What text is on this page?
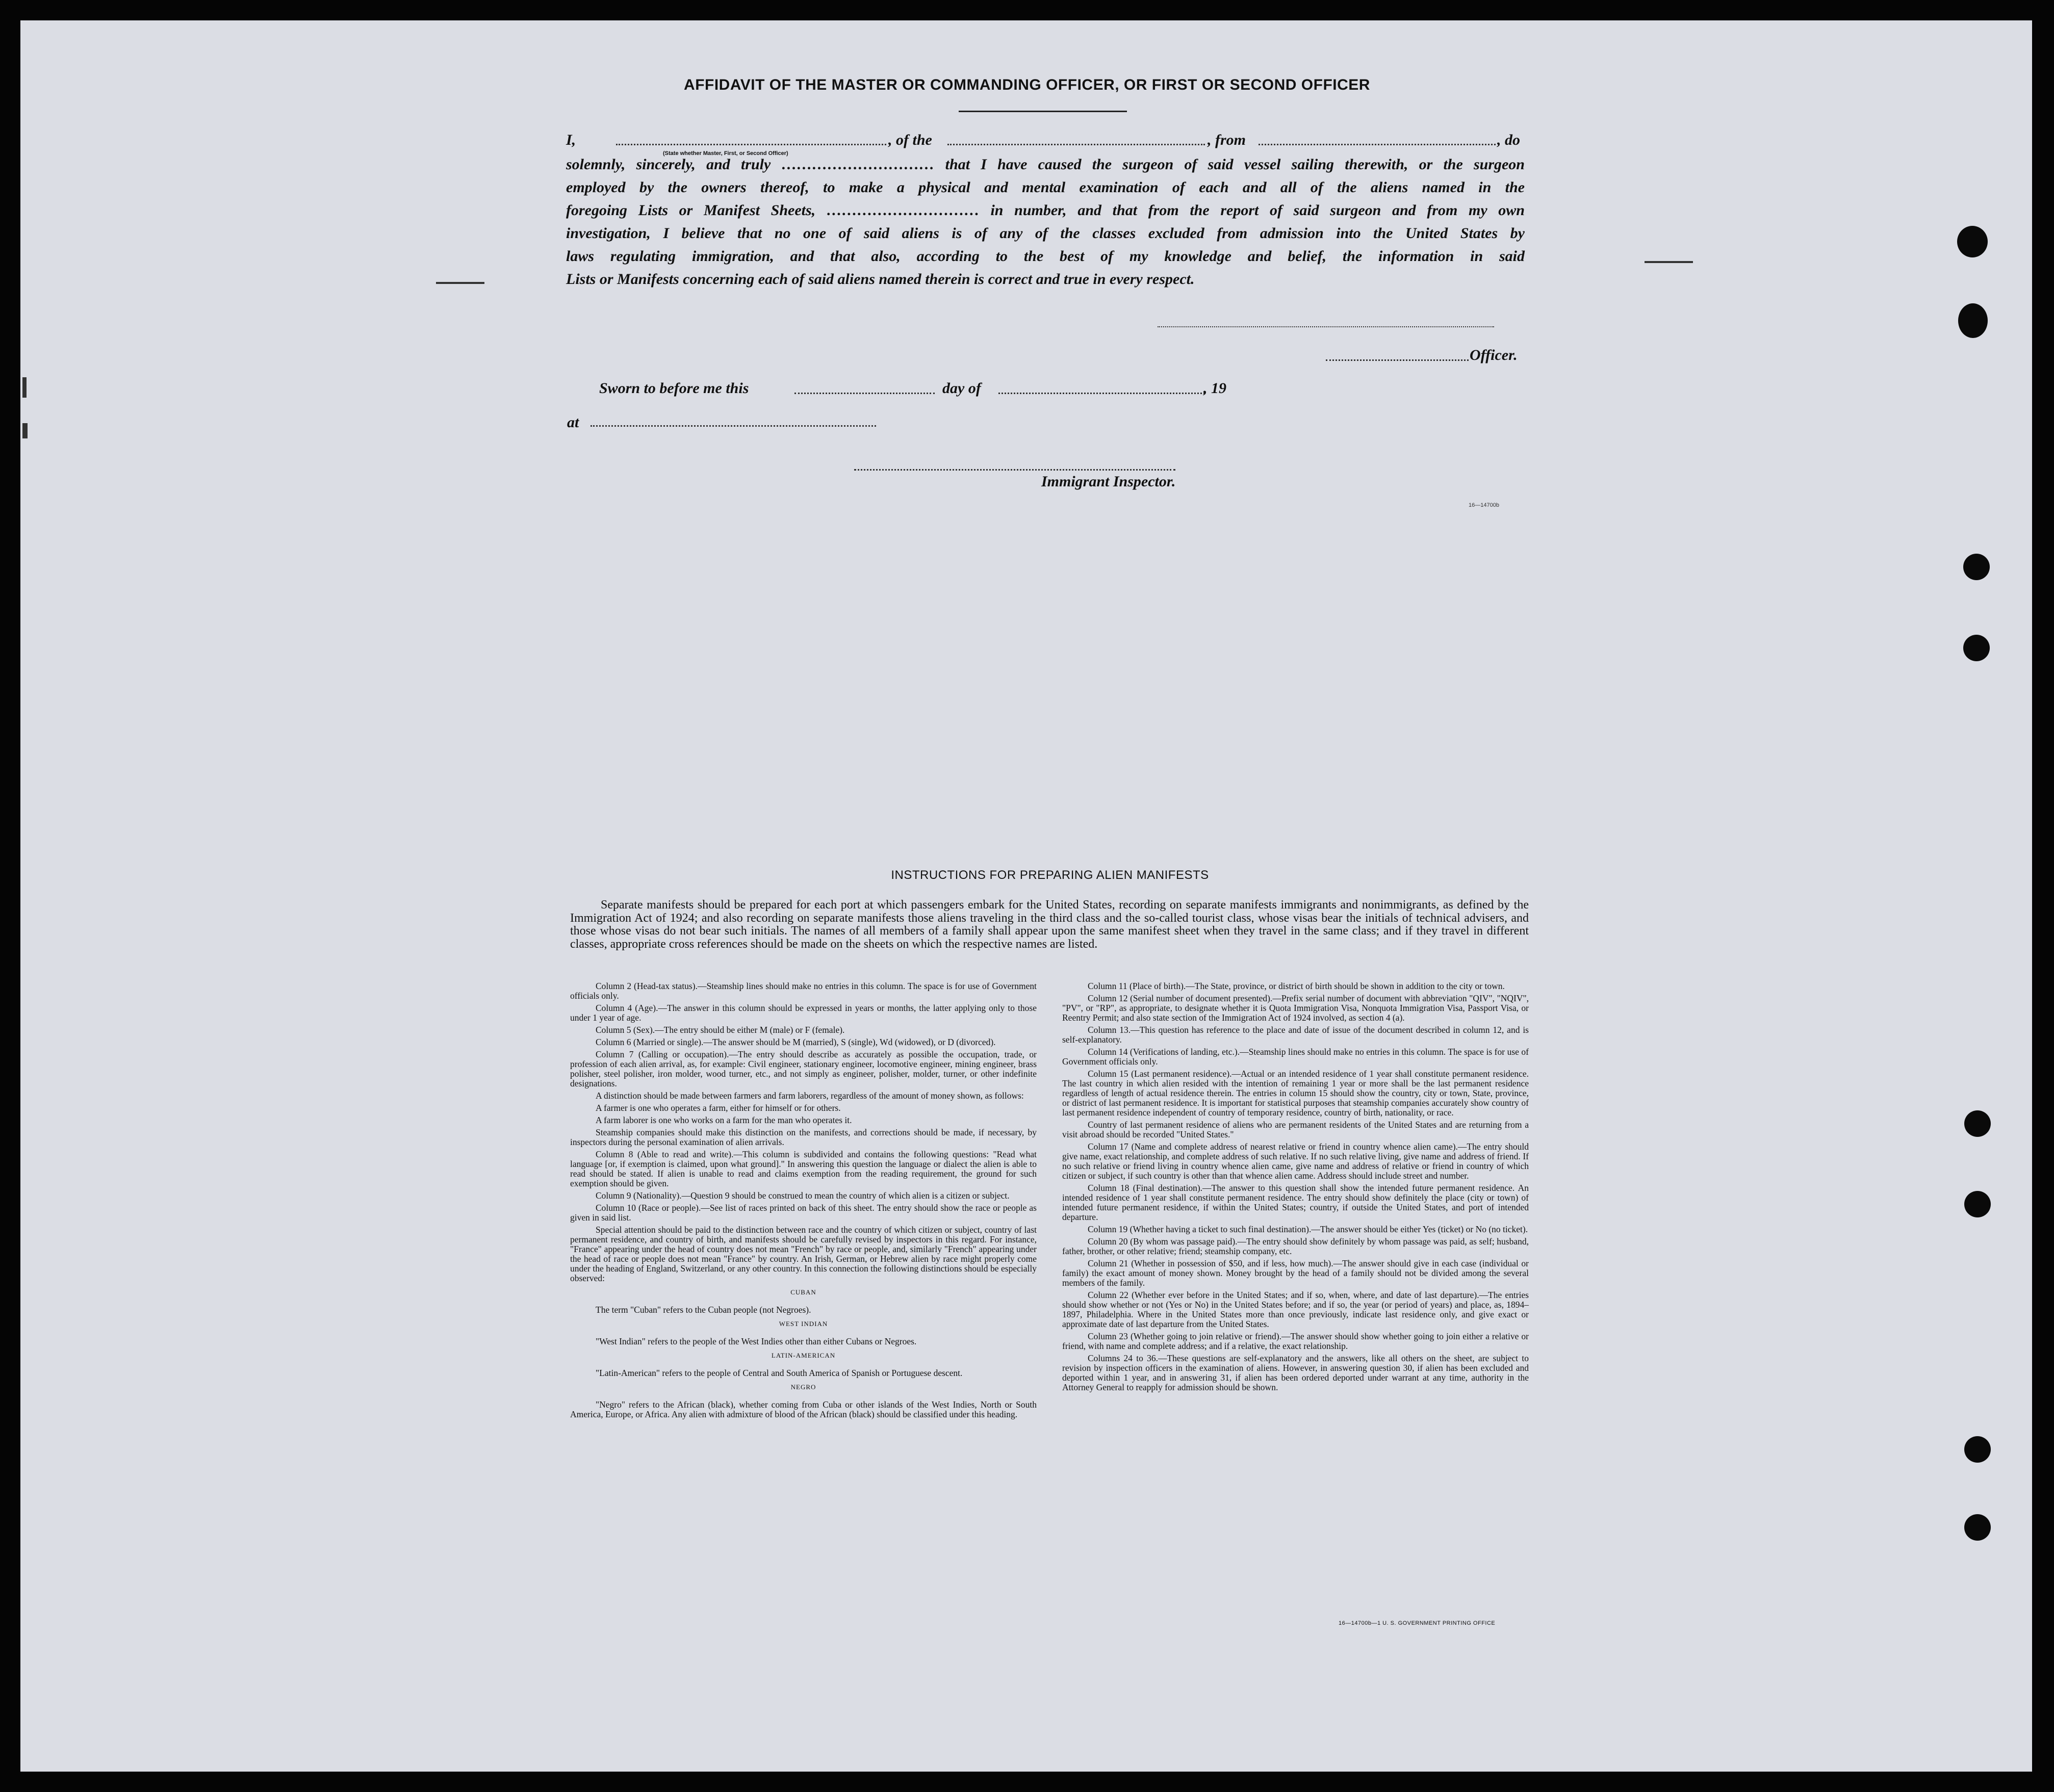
AFFIDAVIT OF THE MASTER OR COMMANDING OFFICER, OR FIRST OR SECOND OFFICER
I,	, of the	, from	, do
(State whether Master, First, or Second Officer)
solemnly, sincerely, and truly ………………………… that I have caused the surgeon of said vessel sailing therewith, or the surgeon
employed by the owners thereof, to make a physical and mental examination of each and all of the aliens named in the
foregoing Lists or Manifest Sheets, ………………………… in number, and that from the report of said surgeon and from my own
investigation, I believe that no one of said aliens is of any of the classes excluded from admission into the United States by
laws regulating immigration, and that also, according to the best of my knowledge and belief, the information in said
Lists or Manifests concerning each of said aliens named therein is correct and true in every respect.
Officer.
Sworn to before me this	day of	, 19
at
Immigrant Inspector.
16—14700b
INSTRUCTIONS FOR PREPARING ALIEN MANIFESTS
Separate manifests should be prepared for each port at which passengers embark for the United States, recording on separate manifests immigrants and nonimmigrants, as defined by the Immigration Act of 1924; and also recording on separate manifests those aliens traveling in the third class and the so-called tourist class, whose visas bear the initials of technical advisers, and those whose visas do not bear such initials. The names of all members of a family shall appear upon the same manifest sheet when they travel in the same class; and if they travel in different classes, appropriate cross references should be made on the sheets on which the respective names are listed.

Column 2 (Head-tax status).—Steamship lines should make no entries in this column. The space is for use of Government officials only.

Column 4 (Age).—The answer in this column should be expressed in years or months, the latter applying only to those under 1 year of age.

Column 5 (Sex).—The entry should be either M (male) or F (female).

Column 6 (Married or single).—The answer should be M (married), S (single), Wd (widowed), or D (divorced).

Column 7 (Calling or occupation).—The entry should describe as accurately as possible the occupation, trade, or profession of each alien arrival, as, for example: Civil engineer, stationary engineer, locomotive engineer, mining engineer, brass polisher, steel polisher, iron molder, wood turner, etc., and not simply as engineer, polisher, molder, turner, or other indefinite designations.

A distinction should be made between farmers and farm laborers, regardless of the amount of money shown, as follows:

A farmer is one who operates a farm, either for himself or for others.

A farm laborer is one who works on a farm for the man who operates it.

Steamship companies should make this distinction on the manifests, and corrections should be made, if necessary, by inspectors during the personal examination of alien arrivals.

Column 8 (Able to read and write).—This column is subdivided and contains the following questions: "Read what language [or, if exemption is claimed, upon what ground]." In answering this question the language or dialect the alien is able to read should be stated. If alien is unable to read and claims exemption from the reading requirement, the ground for such exemption should be given.

Column 9 (Nationality).—Question 9 should be construed to mean the country of which alien is a citizen or subject.

Column 10 (Race or people).—See list of races printed on back of this sheet. The entry should show the race or people as given in said list.

Special attention should be paid to the distinction between race and the country of which citizen or subject, country of last permanent residence, and country of birth, and manifests should be carefully revised by inspectors in this regard. For instance, "France" appearing under the head of country does not mean "French" by race or people, and, similarly "French" appearing under the head of race or people does not mean "France" by country. An Irish, German, or Hebrew alien by race might properly come under the heading of England, Switzerland, or any other country. In this connection the following distinctions should be especially observed:

CUBAN

The term "Cuban" refers to the Cuban people (not Negroes).

WEST INDIAN

"West Indian" refers to the people of the West Indies other than either Cubans or Negroes.

LATIN-AMERICAN

"Latin-American" refers to the people of Central and South America of Spanish or Portuguese descent.

NEGRO

"Negro" refers to the African (black), whether coming from Cuba or other islands of the West Indies, North or South America, Europe, or Africa. Any alien with admixture of blood of the African (black) should be classified under this heading.

Column 11 (Place of birth).—The State, province, or district of birth should be shown in addition to the city or town.

Column 12 (Serial number of document presented).—Prefix serial number of document with abbreviation "QIV", "NQIV", "PV", or "RP", as appropriate, to designate whether it is Quota Immigration Visa, Nonquota Immigration Visa, Passport Visa, or Reentry Permit; and also state section of the Immigration Act of 1924 involved, as section 4 (a).

Column 13.—This question has reference to the place and date of issue of the document described in column 12, and is self-explanatory.

Column 14 (Verifications of landing, etc.).—Steamship lines should make no entries in this column. The space is for use of Government officials only.

Column 15 (Last permanent residence).—Actual or an intended residence of 1 year shall constitute permanent residence. The last country in which alien resided with the intention of remaining 1 year or more shall be the last permanent residence regardless of length of actual residence therein. The entries in column 15 should show the country, city or town, State, province, or district of last permanent residence. It is important for statistical purposes that steamship companies accurately show country of last permanent residence independent of country of temporary residence, country of birth, nationality, or race.

Country of last permanent residence of aliens who are permanent residents of the United States and are returning from a visit abroad should be recorded "United States."

Column 17 (Name and complete address of nearest relative or friend in country whence alien came).—The entry should give name, exact relationship, and complete address of such relative. If no such relative living, give name and address of friend. If no such relative or friend living in country whence alien came, give name and address of relative or friend in country of which citizen or subject, if such country is other than that whence alien came. Address should include street and number.

Column 18 (Final destination).—The answer to this question shall show the intended future permanent residence. An intended residence of 1 year shall constitute permanent residence. The entry should show definitely the place (city or town) of intended future permanent residence, if within the United States; country, if outside the United States, and port of intended departure.

Column 19 (Whether having a ticket to such final destination).—The answer should be either Yes (ticket) or No (no ticket).

Column 20 (By whom was passage paid).—The entry should show definitely by whom passage was paid, as self; husband, father, brother, or other relative; friend; steamship company, etc.

Column 21 (Whether in possession of $50, and if less, how much).—The answer should give in each case (individual or family) the exact amount of money shown. Money brought by the head of a family should not be divided among the several members of the family.

Column 22 (Whether ever before in the United States; and if so, when, where, and date of last departure).—The entries should show whether or not (Yes or No) in the United States before; and if so, the year (or period of years) and place, as, 1894–1897, Philadelphia. Where in the United States more than once previously, indicate last residence only, and give exact or approximate date of last departure from the United States.

Column 23 (Whether going to join relative or friend).—The answer should show whether going to join either a relative or friend, with name and complete address; and if a relative, the exact relationship.

Columns 24 to 36.—These questions are self-explanatory and the answers, like all others on the sheet, are subject to revision by inspection officers in the examination of aliens. However, in answering question 30, if alien has been excluded and deported within 1 year, and in answering 31, if alien has been ordered deported under warrant at any time, authority in the Attorney General to reapply for admission should be shown.

16—14700b—1 U. S. GOVERNMENT PRINTING OFFICE
